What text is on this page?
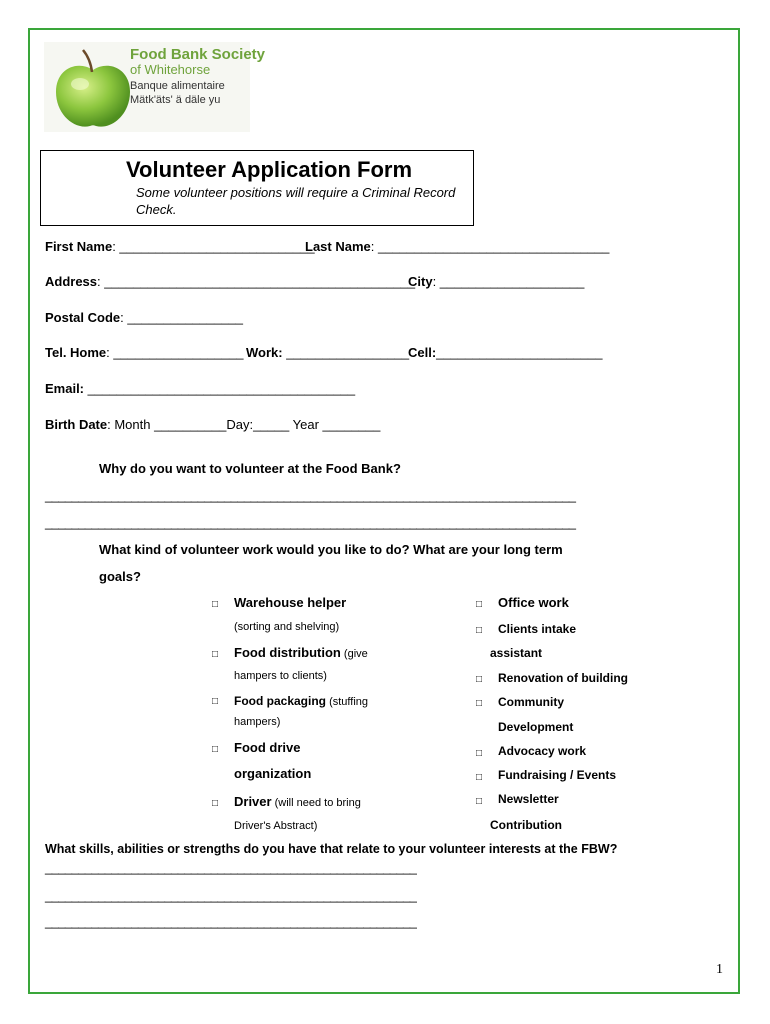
Food Bank Society
of Whitehorse
Banque alimentaire
Mätk'äts' ä däle yu
Volunteer Application Form
Some volunteer positions will require a Criminal Record Check.
First Name: ___________________________
Last Name: ________________________________
Address: ___________________________________________
City: ____________________
Postal Code: ________________
Tel. Home: __________________ Work: _________________
Cell:_______________________
Email: _____________________________________
Birth Date: Month __________Day:_____ Year ________
Why do you want to volunteer at the Food Bank?
________________________________________________________________________________
________________________________________________________________________________
What kind of volunteer work would you like to do? What are your long term
goals?
□ Warehouse helper
(sorting and shelving)
□ Food distribution (give
hampers to clients)
□ Food packaging (stuffing
hampers)
□ Food drive
organization
□ Driver (will need to bring
Driver's Abstract)
□ Office work
□ Clients intake
assistant
□ Renovation of building
□ Community
Development
□ Advocacy work
□ Fundraising / Events
□ Newsletter
Contribution
What skills, abilities or strengths do you have that relate to your volunteer interests at the FBW?
________________________________________________________
________________________________________________________
________________________________________________________
1
